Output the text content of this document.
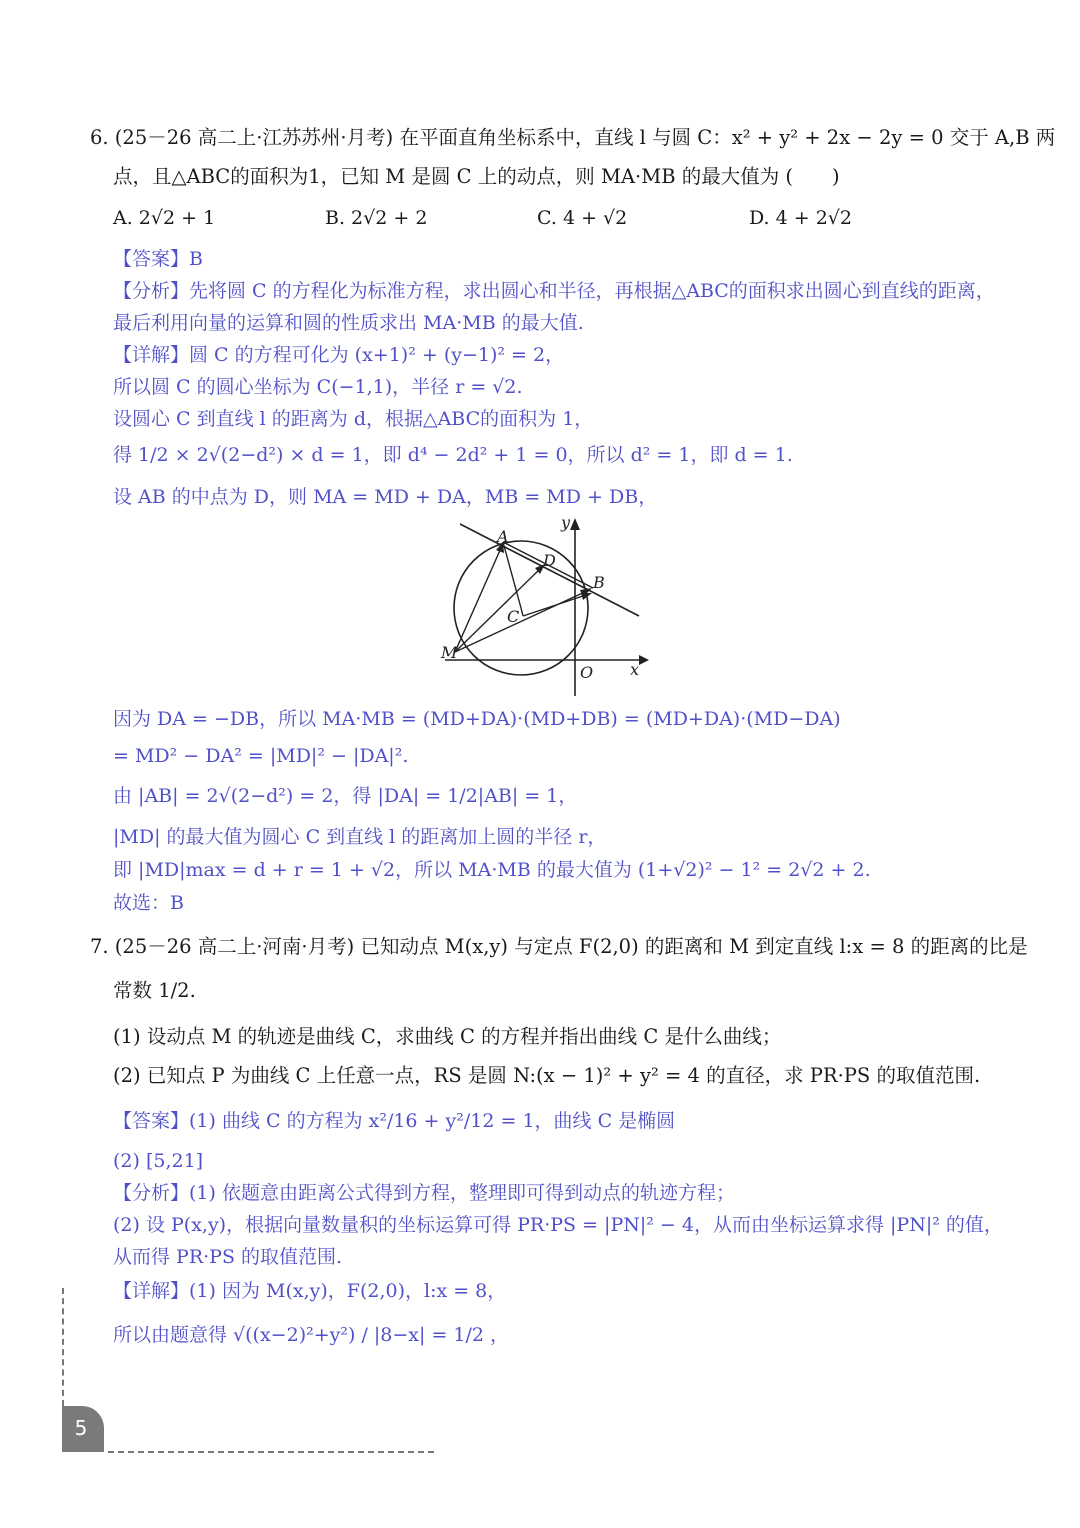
6. (25－26 高二上·江苏苏州·月考) 在平面直角坐标系中，直线 l 与圆 C：x² + y² + 2x − 2y = 0 交于 A,B 两
点，且△ABC的面积为1，已知 M 是圆 C 上的动点，则 MA·MB 的最大值为 (　　)
A. 2√2 + 1	B. 2√2 + 2	C. 4 + √2	D. 4 + 2√2
【答案】B
【分析】先将圆 C 的方程化为标准方程，求出圆心和半径，再根据△ABC的面积求出圆心到直线的距离，
最后利用向量的运算和圆的性质求出 MA·MB 的最大值.
【详解】圆 C 的方程可化为 (x+1)² + (y−1)² = 2，
所以圆 C 的圆心坐标为 C(−1,1)，半径 r = √2.
设圆心 C 到直线 l 的距离为 d，根据△ABC的面积为 1，
得 1/2 × 2√(2−d²) × d = 1，即 d⁴ − 2d² + 1 = 0，所以 d² = 1，即 d = 1.
设 AB 的中点为 D，则 MA = MD + DA，MB = MD + DB，
A
B
C
D
M
O x
y
因为 DA = −DB，所以 MA·MB = (MD+DA)·(MD+DB) = (MD+DA)·(MD−DA)
= MD² − DA² = |MD|² − |DA|².
由 |AB| = 2√(2−d²) = 2，得 |DA| = 1/2|AB| = 1，
|MD| 的最大值为圆心 C 到直线 l 的距离加上圆的半径 r，
即 |MD|max = d + r = 1 + √2，所以 MA·MB 的最大值为 (1+√2)² − 1² = 2√2 + 2.
故选：B
7. (25－26 高二上·河南·月考) 已知动点 M(x,y) 与定点 F(2,0) 的距离和 M 到定直线 l:x = 8 的距离的比是
常数 1/2.
(1) 设动点 M 的轨迹是曲线 C，求曲线 C 的方程并指出曲线 C 是什么曲线；
(2) 已知点 P 为曲线 C 上任意一点，RS 是圆 N:(x − 1)² + y² = 4 的直径，求 PR·PS 的取值范围.
【答案】(1) 曲线 C 的方程为 x²/16 + y²/12 = 1，曲线 C 是椭圆
(2) [5,21]
【分析】(1) 依题意由距离公式得到方程，整理即可得到动点的轨迹方程；
(2) 设 P(x,y)，根据向量数量积的坐标运算可得 PR·PS = |PN|² − 4，从而由坐标运算求得 |PN|² 的值，
从而得 PR·PS 的取值范围.
【详解】(1) 因为 M(x,y)，F(2,0)，l:x = 8，
所以由题意得 √((x−2)²+y²) / |8−x| = 1/2 ，
5
